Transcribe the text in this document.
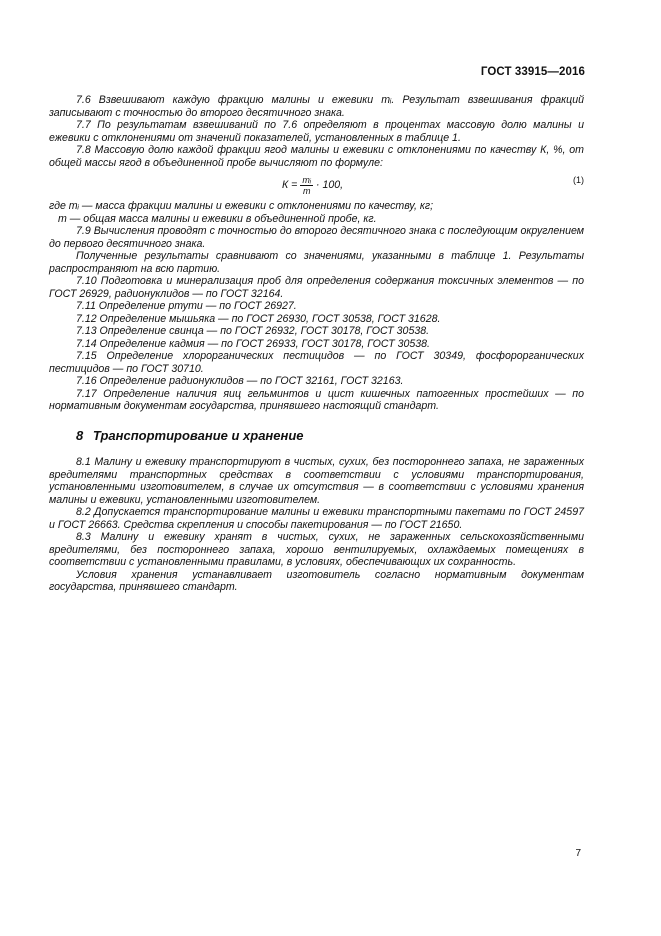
ГОСТ 33915—2016

7.6 Взвешивают каждую фракцию малины и ежевики mᵢ. Результат взвешивания фракций записывают с точностью до второго десятичного знака.

7.7 По результатам взвешиваний по 7.6 определяют в процентах массовую долю малины и ежевики с отклонениями от значений показателей, установленных в таблице 1.

7.8 Массовую долю каждой фракции ягод малины и ежевики с отклонениями по качеству К, %, от общей массы ягод в объединенной пробе вычисляют по формуле:

$К = \frac{\text{mᵢ}}{m} \cdot 100$,	(1)

где mᵢ — масса фракции малины и ежевики с отклонениями по качеству, кг;

m — общая масса малины и ежевики в объединенной пробе, кг.

7.9 Вычисления проводят с точностью до второго десятичного знака с последующим округлением до первого десятичного знака.

Полученные результаты сравнивают со значениями, указанными в таблице 1. Результаты распространяют на всю партию.

7.10 Подготовка и минерализация проб для определения содержания токсичных элементов — по ГОСТ 26929, радионуклидов — по ГОСТ 32164.

7.11 Определение ртути — по ГОСТ 26927.

7.12 Определение мышьяка — по ГОСТ 26930, ГОСТ 30538, ГОСТ 31628.

7.13 Определение свинца — по ГОСТ 26932, ГОСТ 30178, ГОСТ 30538.

7.14 Определение кадмия — по ГОСТ 26933, ГОСТ 30178, ГОСТ 30538.

7.15 Определение хлорорганических пестицидов — по ГОСТ 30349, фосфорорганических пестицидов — по ГОСТ 30710.

7.16 Определение радионуклидов — по ГОСТ 32161, ГОСТ 32163.

7.17 Определение наличия яиц гельминтов и цист кишечных патогенных простейших — по нормативным документам государства, принявшего настоящий стандарт.

8 Транспортирование и хранение

8.1 Малину и ежевику транспортируют в чистых, сухих, без постороннего запаха, не зараженных вредителями транспортных средствах в соответствии с условиями транспортирования, установленными изготовителем, в случае их отсутствия — в соответствии с условиями хранения малины и ежевики, установленными изготовителем.

8.2 Допускается транспортирование малины и ежевики транспортными пакетами по ГОСТ 24597 и ГОСТ 26663. Средства скрепления и способы пакетирования — по ГОСТ 21650.

8.3 Малину и ежевику хранят в чистых, сухих, не зараженных сельскохозяйственными вредителями, без постороннего запаха, хорошо вентилируемых, охлаждаемых помещениях в соответствии с установленными правилами, в условиях, обеспечивающих их сохранность.

Условия хранения устанавливает изготовитель согласно нормативным документам государства, принявшего стандарт.

7
